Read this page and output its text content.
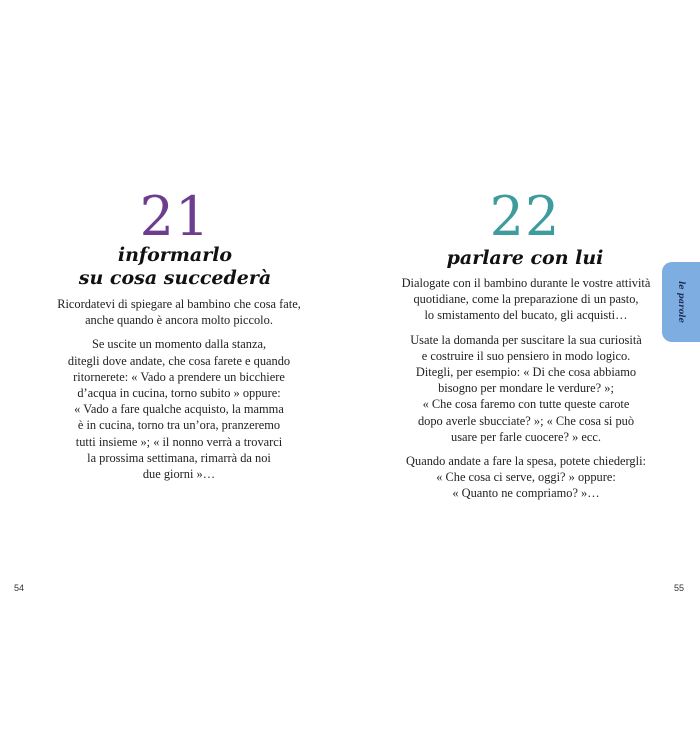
21
informarlo
su cosa succederà

Ricordatevi di spiegare al bambino che cosa fate,
anche quando è ancora molto piccolo.

Se uscite un momento dalla stanza,
ditegli dove andate, che cosa farete e quando
ritornerete: « Vado a prendere un bicchiere
d’acqua in cucina, torno subito » oppure:
« Vado a fare qualche acquisto, la mamma
è in cucina, torno tra un’ora, pranzeremo
tutti insieme »; « il nonno verrà a trovarci
la prossima settimana, rimarrà da noi
due giorni »…

54
22
parlare con lui

Dialogate con il bambino durante le vostre attività
quotidiane, come la preparazione di un pasto,
lo smistamento del bucato, gli acquisti…

Usate la domanda per suscitare la sua curiosità
e costruire il suo pensiero in modo logico.
Ditegli, per esempio: « Di che cosa abbiamo
bisogno per mondare le verdure? »;
« Che cosa faremo con tutte queste carote
dopo averle sbucciate? »; « Che cosa si può
usare per farle cuocere? » ecc.

Quando andate a fare la spesa, potete chiedergli:
« Che cosa ci serve, oggi? » oppure:
« Quanto ne compriamo? »…

le parole
55
